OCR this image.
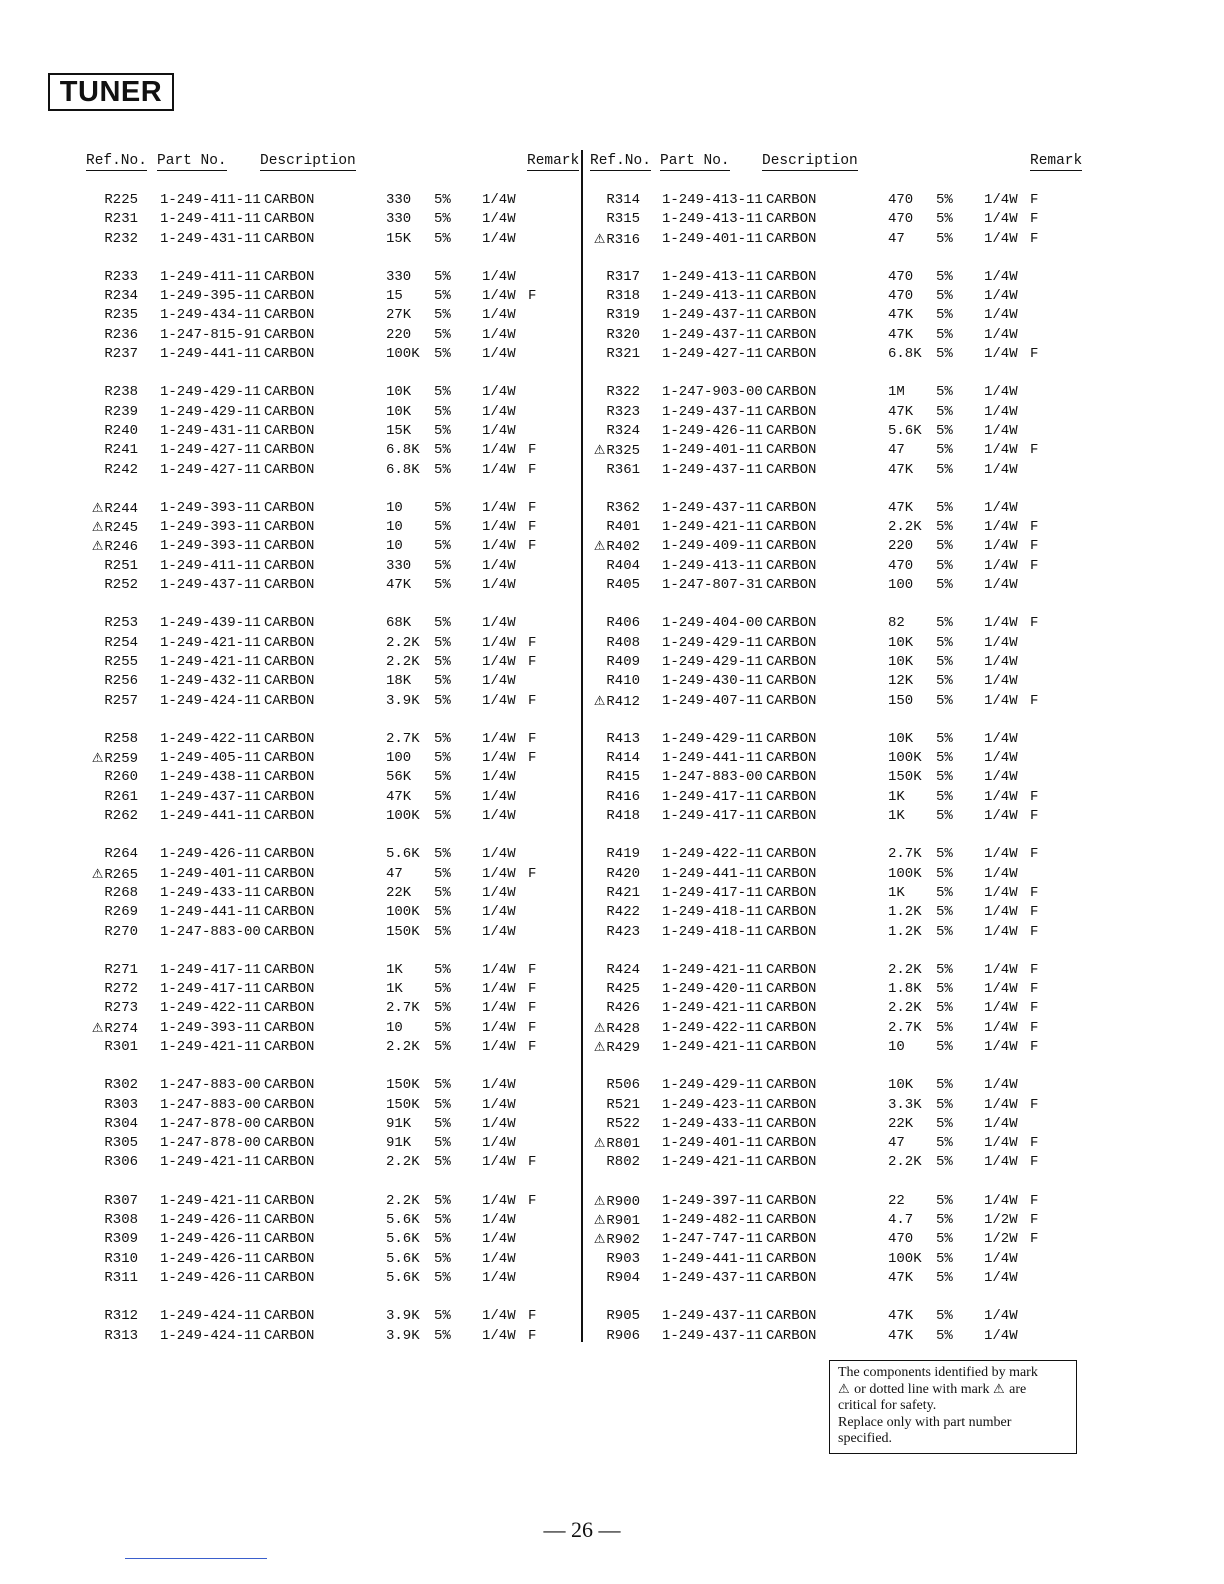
TUNER
Ref.No. Part No. Description	Remark
R225 1-249-411-11 CARBON	330 5% 1/4W
R231 1-249-411-11 CARBON	330 5% 1/4W
R232 1-249-431-11 CARBON	15K 5% 1/4W
R233 1-249-411-11 CARBON	330 5% 1/4W
R234 1-249-395-11 CARBON	15 5% 1/4W F
R235 1-249-434-11 CARBON	27K 5% 1/4W
R236 1-247-815-91 CARBON	220 5% 1/4W
R237 1-249-441-11 CARBON	100K 5% 1/4W
R238 1-249-429-11 CARBON	10K 5% 1/4W
R239 1-249-429-11 CARBON	10K 5% 1/4W
R240 1-249-431-11 CARBON	15K 5% 1/4W
R241 1-249-427-11 CARBON	6.8K 5% 1/4W F
R242 1-249-427-11 CARBON	6.8K 5% 1/4W F
⚠R244 1-249-393-11 CARBON	10 5% 1/4W F
⚠R245 1-249-393-11 CARBON	10 5% 1/4W F
⚠R246 1-249-393-11 CARBON	10 5% 1/4W F
R251 1-249-411-11 CARBON	330 5% 1/4W
R252 1-249-437-11 CARBON	47K 5% 1/4W
R253 1-249-439-11 CARBON	68K 5% 1/4W
R254 1-249-421-11 CARBON	2.2K 5% 1/4W F
R255 1-249-421-11 CARBON	2.2K 5% 1/4W F
R256 1-249-432-11 CARBON	18K 5% 1/4W
R257 1-249-424-11 CARBON	3.9K 5% 1/4W F
R258 1-249-422-11 CARBON	2.7K 5% 1/4W F
⚠R259 1-249-405-11 CARBON	100 5% 1/4W F
R260 1-249-438-11 CARBON	56K 5% 1/4W
R261 1-249-437-11 CARBON	47K 5% 1/4W
R262 1-249-441-11 CARBON	100K 5% 1/4W
R264 1-249-426-11 CARBON	5.6K 5% 1/4W
⚠R265 1-249-401-11 CARBON	47 5% 1/4W F
R268 1-249-433-11 CARBON	22K 5% 1/4W
R269 1-249-441-11 CARBON	100K 5% 1/4W
R270 1-247-883-00 CARBON	150K 5% 1/4W
R271 1-249-417-11 CARBON	1K 5% 1/4W F
R272 1-249-417-11 CARBON	1K 5% 1/4W F
R273 1-249-422-11 CARBON	2.7K 5% 1/4W F
⚠R274 1-249-393-11 CARBON	10 5% 1/4W F
R301 1-249-421-11 CARBON	2.2K 5% 1/4W F
R302 1-247-883-00 CARBON	150K 5% 1/4W
R303 1-247-883-00 CARBON	150K 5% 1/4W
R304 1-247-878-00 CARBON	91K 5% 1/4W
R305 1-247-878-00 CARBON	91K 5% 1/4W
R306 1-249-421-11 CARBON	2.2K 5% 1/4W F
R307 1-249-421-11 CARBON	2.2K 5% 1/4W F
R308 1-249-426-11 CARBON	5.6K 5% 1/4W
R309 1-249-426-11 CARBON	5.6K 5% 1/4W
R310 1-249-426-11 CARBON	5.6K 5% 1/4W
R311 1-249-426-11 CARBON	5.6K 5% 1/4W
R312 1-249-424-11 CARBON	3.9K 5% 1/4W F
R313 1-249-424-11 CARBON	3.9K 5% 1/4W F
Ref.No. Part No. Description	Remark
R314 1-249-413-11 CARBON	470 5% 1/4W F
R315 1-249-413-11 CARBON	470 5% 1/4W F
⚠R316 1-249-401-11 CARBON	47 5% 1/4W F
R317 1-249-413-11 CARBON	470 5% 1/4W
R318 1-249-413-11 CARBON	470 5% 1/4W
R319 1-249-437-11 CARBON	47K 5% 1/4W
R320 1-249-437-11 CARBON	47K 5% 1/4W
R321 1-249-427-11 CARBON	6.8K 5% 1/4W F
R322 1-247-903-00 CARBON	1M 5% 1/4W
R323 1-249-437-11 CARBON	47K 5% 1/4W
R324 1-249-426-11 CARBON	5.6K 5% 1/4W
⚠R325 1-249-401-11 CARBON	47 5% 1/4W F
R361 1-249-437-11 CARBON	47K 5% 1/4W
R362 1-249-437-11 CARBON	47K 5% 1/4W
R401 1-249-421-11 CARBON	2.2K 5% 1/4W F
⚠R402 1-249-409-11 CARBON	220 5% 1/4W F
R404 1-249-413-11 CARBON	470 5% 1/4W F
R405 1-247-807-31 CARBON	100 5% 1/4W
R406 1-249-404-00 CARBON	82 5% 1/4W F
R408 1-249-429-11 CARBON	10K 5% 1/4W
R409 1-249-429-11 CARBON	10K 5% 1/4W
R410 1-249-430-11 CARBON	12K 5% 1/4W
⚠R412 1-249-407-11 CARBON	150 5% 1/4W F
R413 1-249-429-11 CARBON	10K 5% 1/4W
R414 1-249-441-11 CARBON	100K 5% 1/4W
R415 1-247-883-00 CARBON	150K 5% 1/4W
R416 1-249-417-11 CARBON	1K 5% 1/4W F
R418 1-249-417-11 CARBON	1K 5% 1/4W F
R419 1-249-422-11 CARBON	2.7K 5% 1/4W F
R420 1-249-441-11 CARBON	100K 5% 1/4W
R421 1-249-417-11 CARBON	1K 5% 1/4W F
R422 1-249-418-11 CARBON	1.2K 5% 1/4W F
R423 1-249-418-11 CARBON	1.2K 5% 1/4W F
R424 1-249-421-11 CARBON	2.2K 5% 1/4W F
R425 1-249-420-11 CARBON	1.8K 5% 1/4W F
R426 1-249-421-11 CARBON	2.2K 5% 1/4W F
⚠R428 1-249-422-11 CARBON	2.7K 5% 1/4W F
⚠R429 1-249-421-11 CARBON	10 5% 1/4W F
R506 1-249-429-11 CARBON	10K 5% 1/4W
R521 1-249-423-11 CARBON	3.3K 5% 1/4W F
R522 1-249-433-11 CARBON	22K 5% 1/4W
⚠R801 1-249-401-11 CARBON	47 5% 1/4W F
R802 1-249-421-11 CARBON	2.2K 5% 1/4W F
⚠R900 1-249-397-11 CARBON	22 5% 1/4W F
⚠R901 1-249-482-11 CARBON	4.7 5% 1/2W F
⚠R902 1-247-747-11 CARBON	470 5% 1/2W F
R903 1-249-441-11 CARBON	100K 5% 1/4W
R904 1-249-437-11 CARBON	47K 5% 1/4W
R905 1-249-437-11 CARBON	47K 5% 1/4W
R906 1-249-437-11 CARBON	47K 5% 1/4W
The components identified by mark
⚠ or dotted line with mark ⚠ are
critical for safety.
Replace only with part number
specified.
— 26 —
